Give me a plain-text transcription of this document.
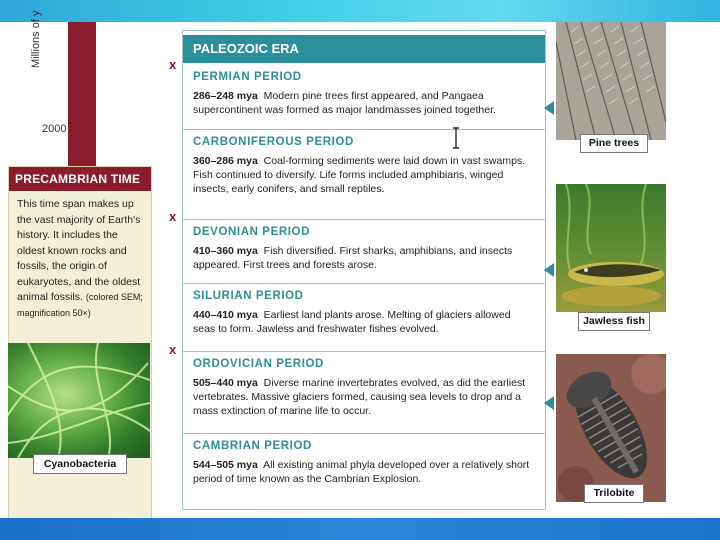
Millions of y
2000
PRECAMBRIAN TIME
This time span makes up the vast majority of Earth's history. It includes the oldest known rocks and fossils, the origin of eukaryotes, and the oldest animal fossils. (colored SEM; magnification 50×)
Cyanobacteria
x
x
x
PALEOZOIC ERA
PERMIAN PERIOD
286–248 mya Modern pine trees first appeared, and Pangaea supercontinent was formed as major landmasses joined together.
CARBONIFEROUS PERIOD
360–286 mya Coal-forming sediments were laid down in vast swamps. Fish continued to diversify. Life forms included amphibians, winged insects, early conifers, and small reptiles.
DEVONIAN PERIOD
410–360 mya Fish diversified. First sharks, amphibians, and insects appeared. First trees and forests arose.
SILURIAN PERIOD
440–410 mya Earliest land plants arose. Melting of glaciers allowed seas to form. Jawless and freshwater fishes evolved.
ORDOVICIAN PERIOD
505–440 mya Diverse marine invertebrates evolved, as did the earliest vertebrates. Massive glaciers formed, causing sea levels to drop and a mass extinction of marine life to occur.
CAMBRIAN PERIOD
544–505 mya All existing animal phyla developed over a relatively short period of time known as the Cambrian Explosion.
Pine trees
Jawless fish
Trilobite
